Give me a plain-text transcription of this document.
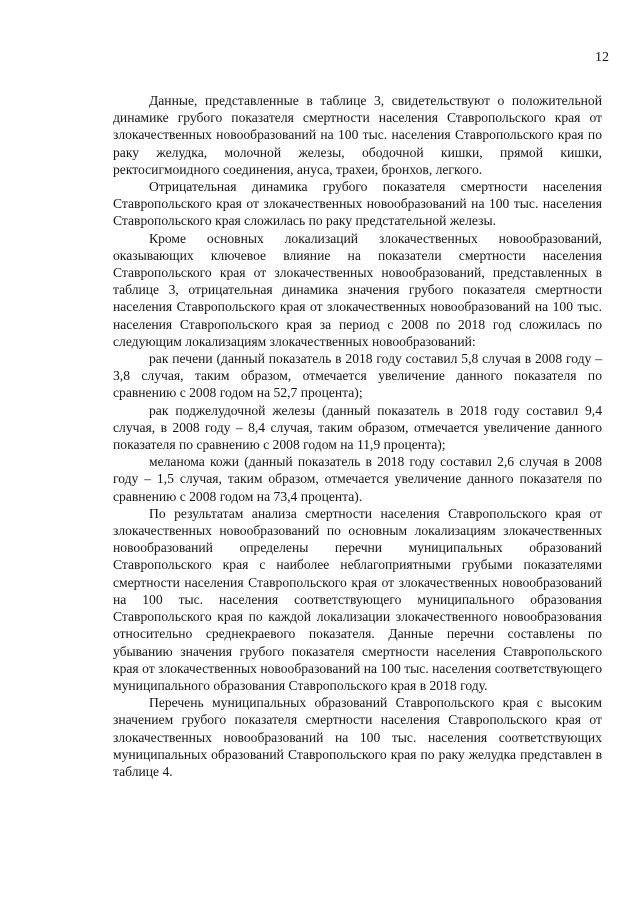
12

Данные, представленные в таблице 3, свидетельствуют о положительной динамике грубого показателя смертности населения Ставропольского края от злокачественных новообразований на 100 тыс. населения Ставропольского края по раку желудка, молочной железы, ободочной кишки, прямой кишки, ректосигмоидного соединения, ануса, трахеи, бронхов, легкого.

Отрицательная динамика грубого показателя смертности населения Ставропольского края от злокачественных новообразований на 100 тыс. населения Ставропольского края сложилась по раку предстательной железы.

Кроме основных локализаций злокачественных новообразований, оказывающих ключевое влияние на показатели смертности населения Ставропольского края от злокачественных новообразований, представленных в таблице 3, отрицательная динамика значения грубого показателя смертности населения Ставропольского края от злокачественных новообразований на 100 тыс. населения Ставропольского края за период с 2008 по 2018 год сложилась по следующим локализациям злокачественных новообразований:

рак печени (данный показатель в 2018 году составил 5,8 случая в 2008 году – 3,8 случая, таким образом, отмечается увеличение данного показателя по сравнению с 2008 годом на 52,7 процента);

рак поджелудочной железы (данный показатель в 2018 году составил 9,4 случая, в 2008 году – 8,4 случая, таким образом, отмечается увеличение данного показателя по сравнению с 2008 годом на 11,9 процента);

меланома кожи (данный показатель в 2018 году составил 2,6 случая в 2008 году – 1,5 случая, таким образом, отмечается увеличение данного показателя по сравнению с 2008 годом на 73,4 процента).

По результатам анализа смертности населения Ставропольского края от злокачественных новообразований по основным локализациям злокачественных новообразований определены перечни муниципальных образований Ставропольского края с наиболее неблагоприятными грубыми показателями смертности населения Ставропольского края от злокачественных новообразований на 100 тыс. населения соответствующего муниципального образования Ставропольского края по каждой локализации злокачественного новообразования относительно среднекраевого показателя. Данные перечни составлены по убыванию значения грубого показателя смертности населения Ставропольского края от злокачественных новообразований на 100 тыс. населения соответствующего муниципального образования Ставропольского края в 2018 году.

Перечень муниципальных образований Ставропольского края с высоким значением грубого показателя смертности населения Ставропольского края от злокачественных новообразований на 100 тыс. населения соответствующих муниципальных образований Ставропольского края по раку желудка представлен в таблице 4.
